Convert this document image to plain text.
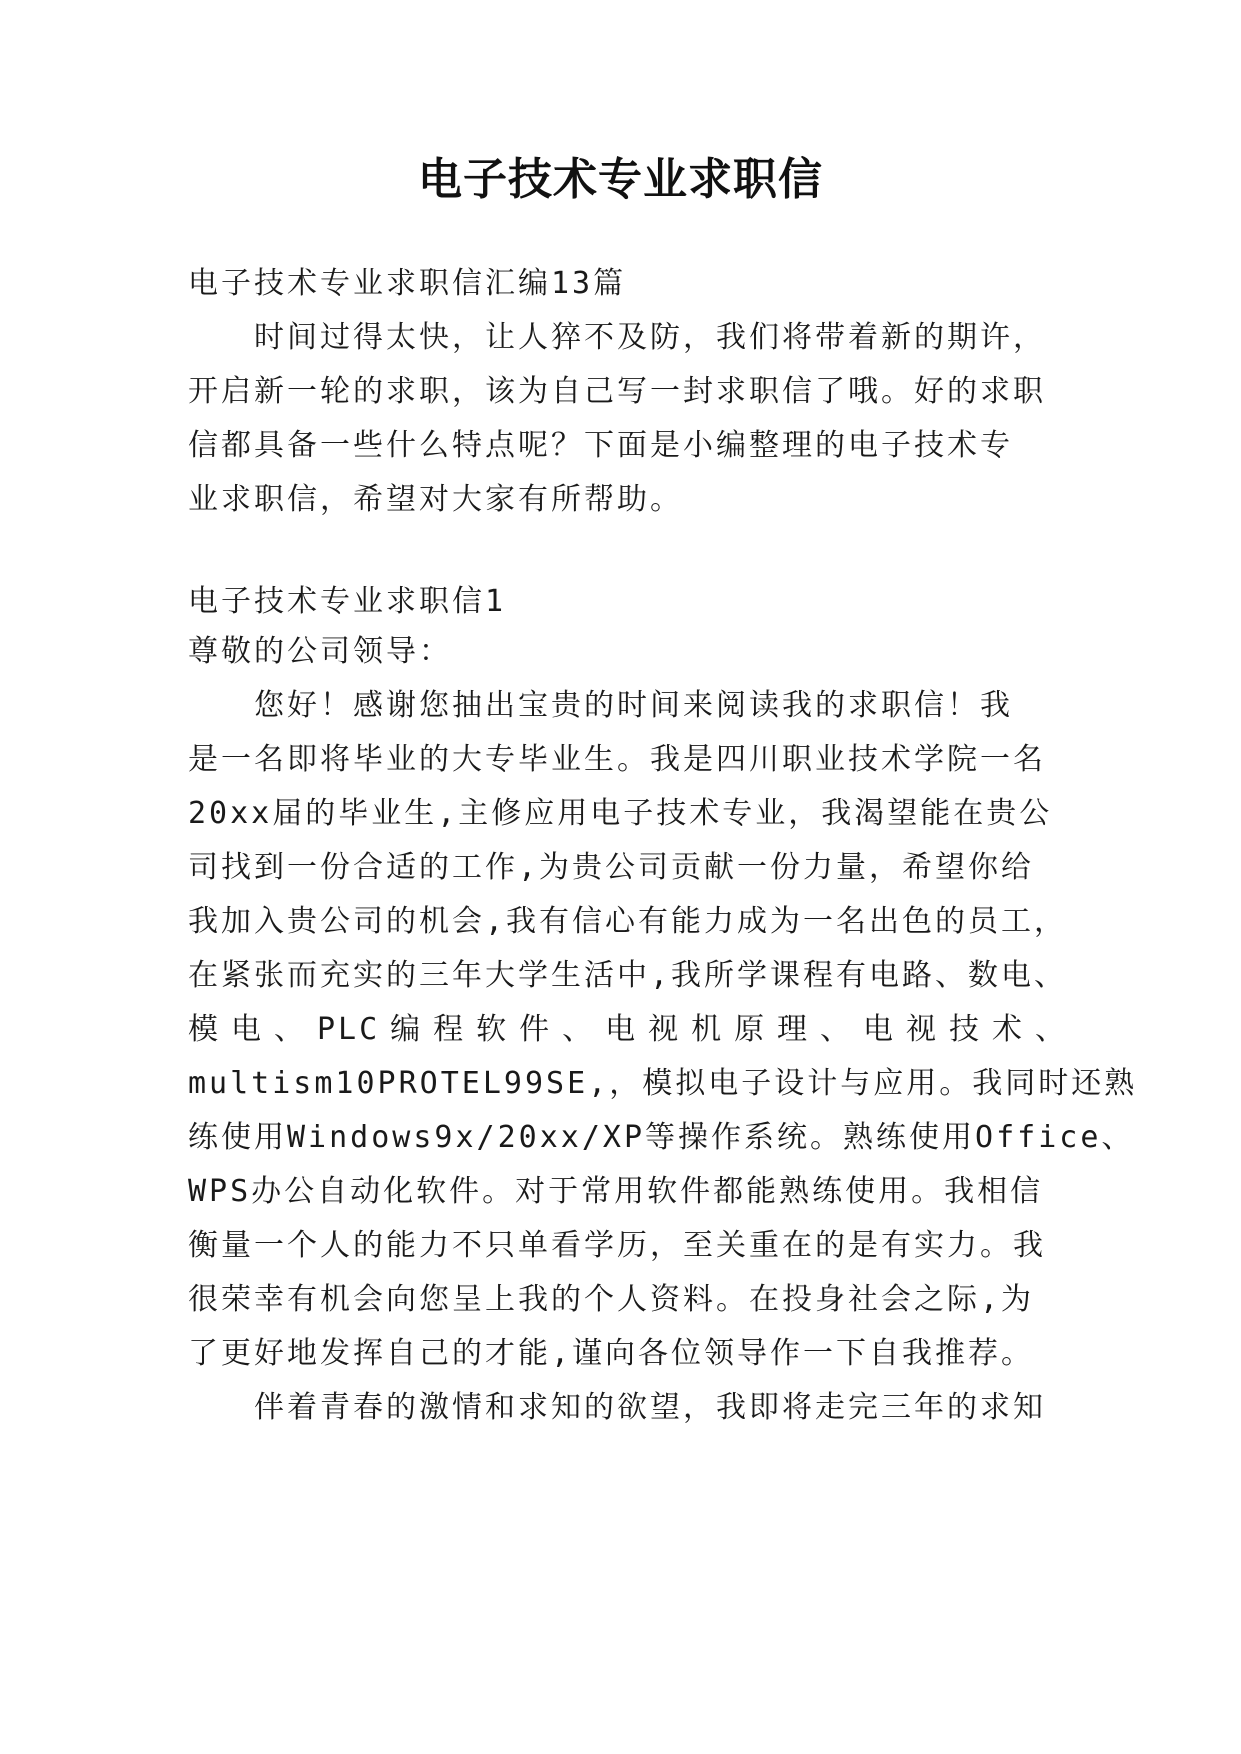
电子技术专业求职信
电子技术专业求职信汇编13篇
时间过得太快，让人猝不及防，我们将带着新的期许，
开启新一轮的求职，该为自己写一封求职信了哦。好的求职
信都具备一些什么特点呢？下面是小编整理的电子技术专
业求职信，希望对大家有所帮助。
电子技术专业求职信1
尊敬的公司领导：
您好！感谢您抽出宝贵的时间来阅读我的求职信！我
是一名即将毕业的大专毕业生。我是四川职业技术学院一名
20xx届的毕业生,主修应用电子技术专业，我渴望能在贵公
司找到一份合适的工作,为贵公司贡献一份力量，希望你给
我加入贵公司的机会,我有信心有能力成为一名出色的员工，
在紧张而充实的三年大学生活中,我所学课程有电路、数电、
模电、PLC编程软件、电视机原理、电视技术、
multism10PROTEL99SE,，模拟电子设计与应用。我同时还熟
练使用Windows9x/20xx/XP等操作系统。熟练使用Office、
WPS办公自动化软件。对于常用软件都能熟练使用。我相信
衡量一个人的能力不只单看学历，至关重在的是有实力。我
很荣幸有机会向您呈上我的个人资料。在投身社会之际,为
了更好地发挥自己的才能,谨向各位领导作一下自我推荐。
伴着青春的激情和求知的欲望，我即将走完三年的求知
